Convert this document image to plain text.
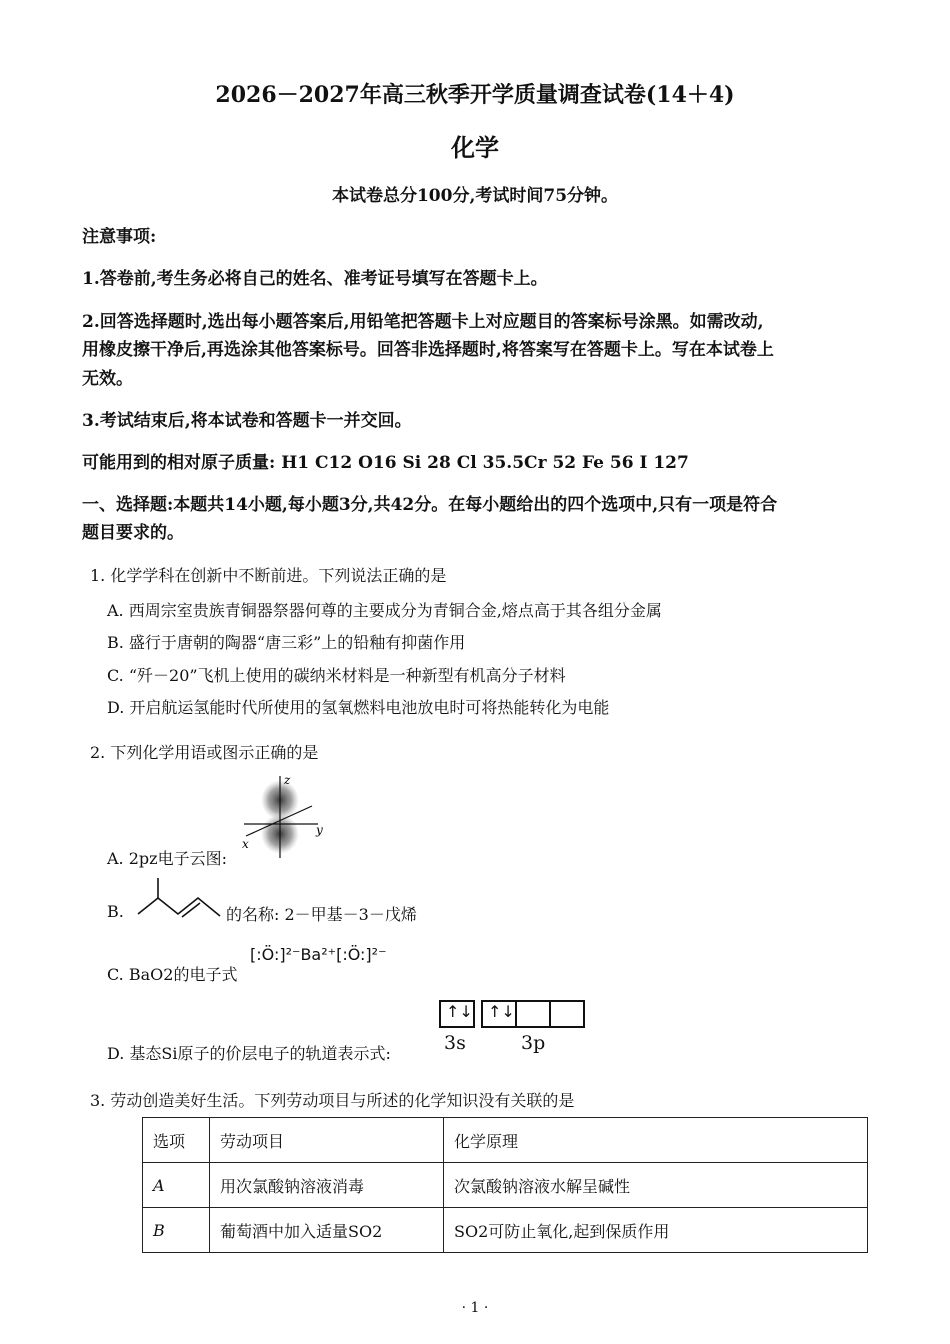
2026－2027年高三秋季开学质量调查试卷(14＋4)
化学
本试卷总分100分,考试时间75分钟。
注意事项:
1.答卷前,考生务必将自己的姓名、准考证号填写在答题卡上。
2.回答选择题时,选出每小题答案后,用铅笔把答题卡上对应题目的答案标号涂黑。如需改动,
用橡皮擦干净后,再选涂其他答案标号。回答非选择题时,将答案写在答题卡上。写在本试卷上
无效。
3.考试结束后,将本试卷和答题卡一并交回。
可能用到的相对原子质量: H1 C12 O16 Si 28 Cl 35.5Cr 52 Fe 56 I 127
一、选择题:本题共14小题,每小题3分,共42分。在每小题给出的四个选项中,只有一项是符合
题目要求的。
1. 化学学科在创新中不断前进。下列说法正确的是
A. 西周宗室贵族青铜器祭器何尊的主要成分为青铜合金,熔点高于其各组分金属
B. 盛行于唐朝的陶器“唐三彩”上的铅釉有抑菌作用
C. “歼－20”飞机上使用的碳纳米材料是一种新型有机高分子材料
D. 开启航运氢能时代所使用的氢氧燃料电池放电时可将热能转化为电能
2. 下列化学用语或图示正确的是
z
y
x
A. 2pz电子云图:
B.	的名称: 2－甲基－3－戊烯
C. BaO2的电子式
[:Ö:]²⁻Ba²⁺[:Ö:]²⁻
↑↓ ↑↓
3s	3p
D. 基态Si原子的价层电子的轨道表示式:
3. 劳动创造美好生活。下列劳动项目与所述的化学知识没有关联的是
选项	劳动项目	化学原理
A	用次氯酸钠溶液消毒	次氯酸钠溶液水解呈碱性
B	葡萄酒中加入适量SO2	SO2可防止氧化,起到保质作用
· 1 ·
